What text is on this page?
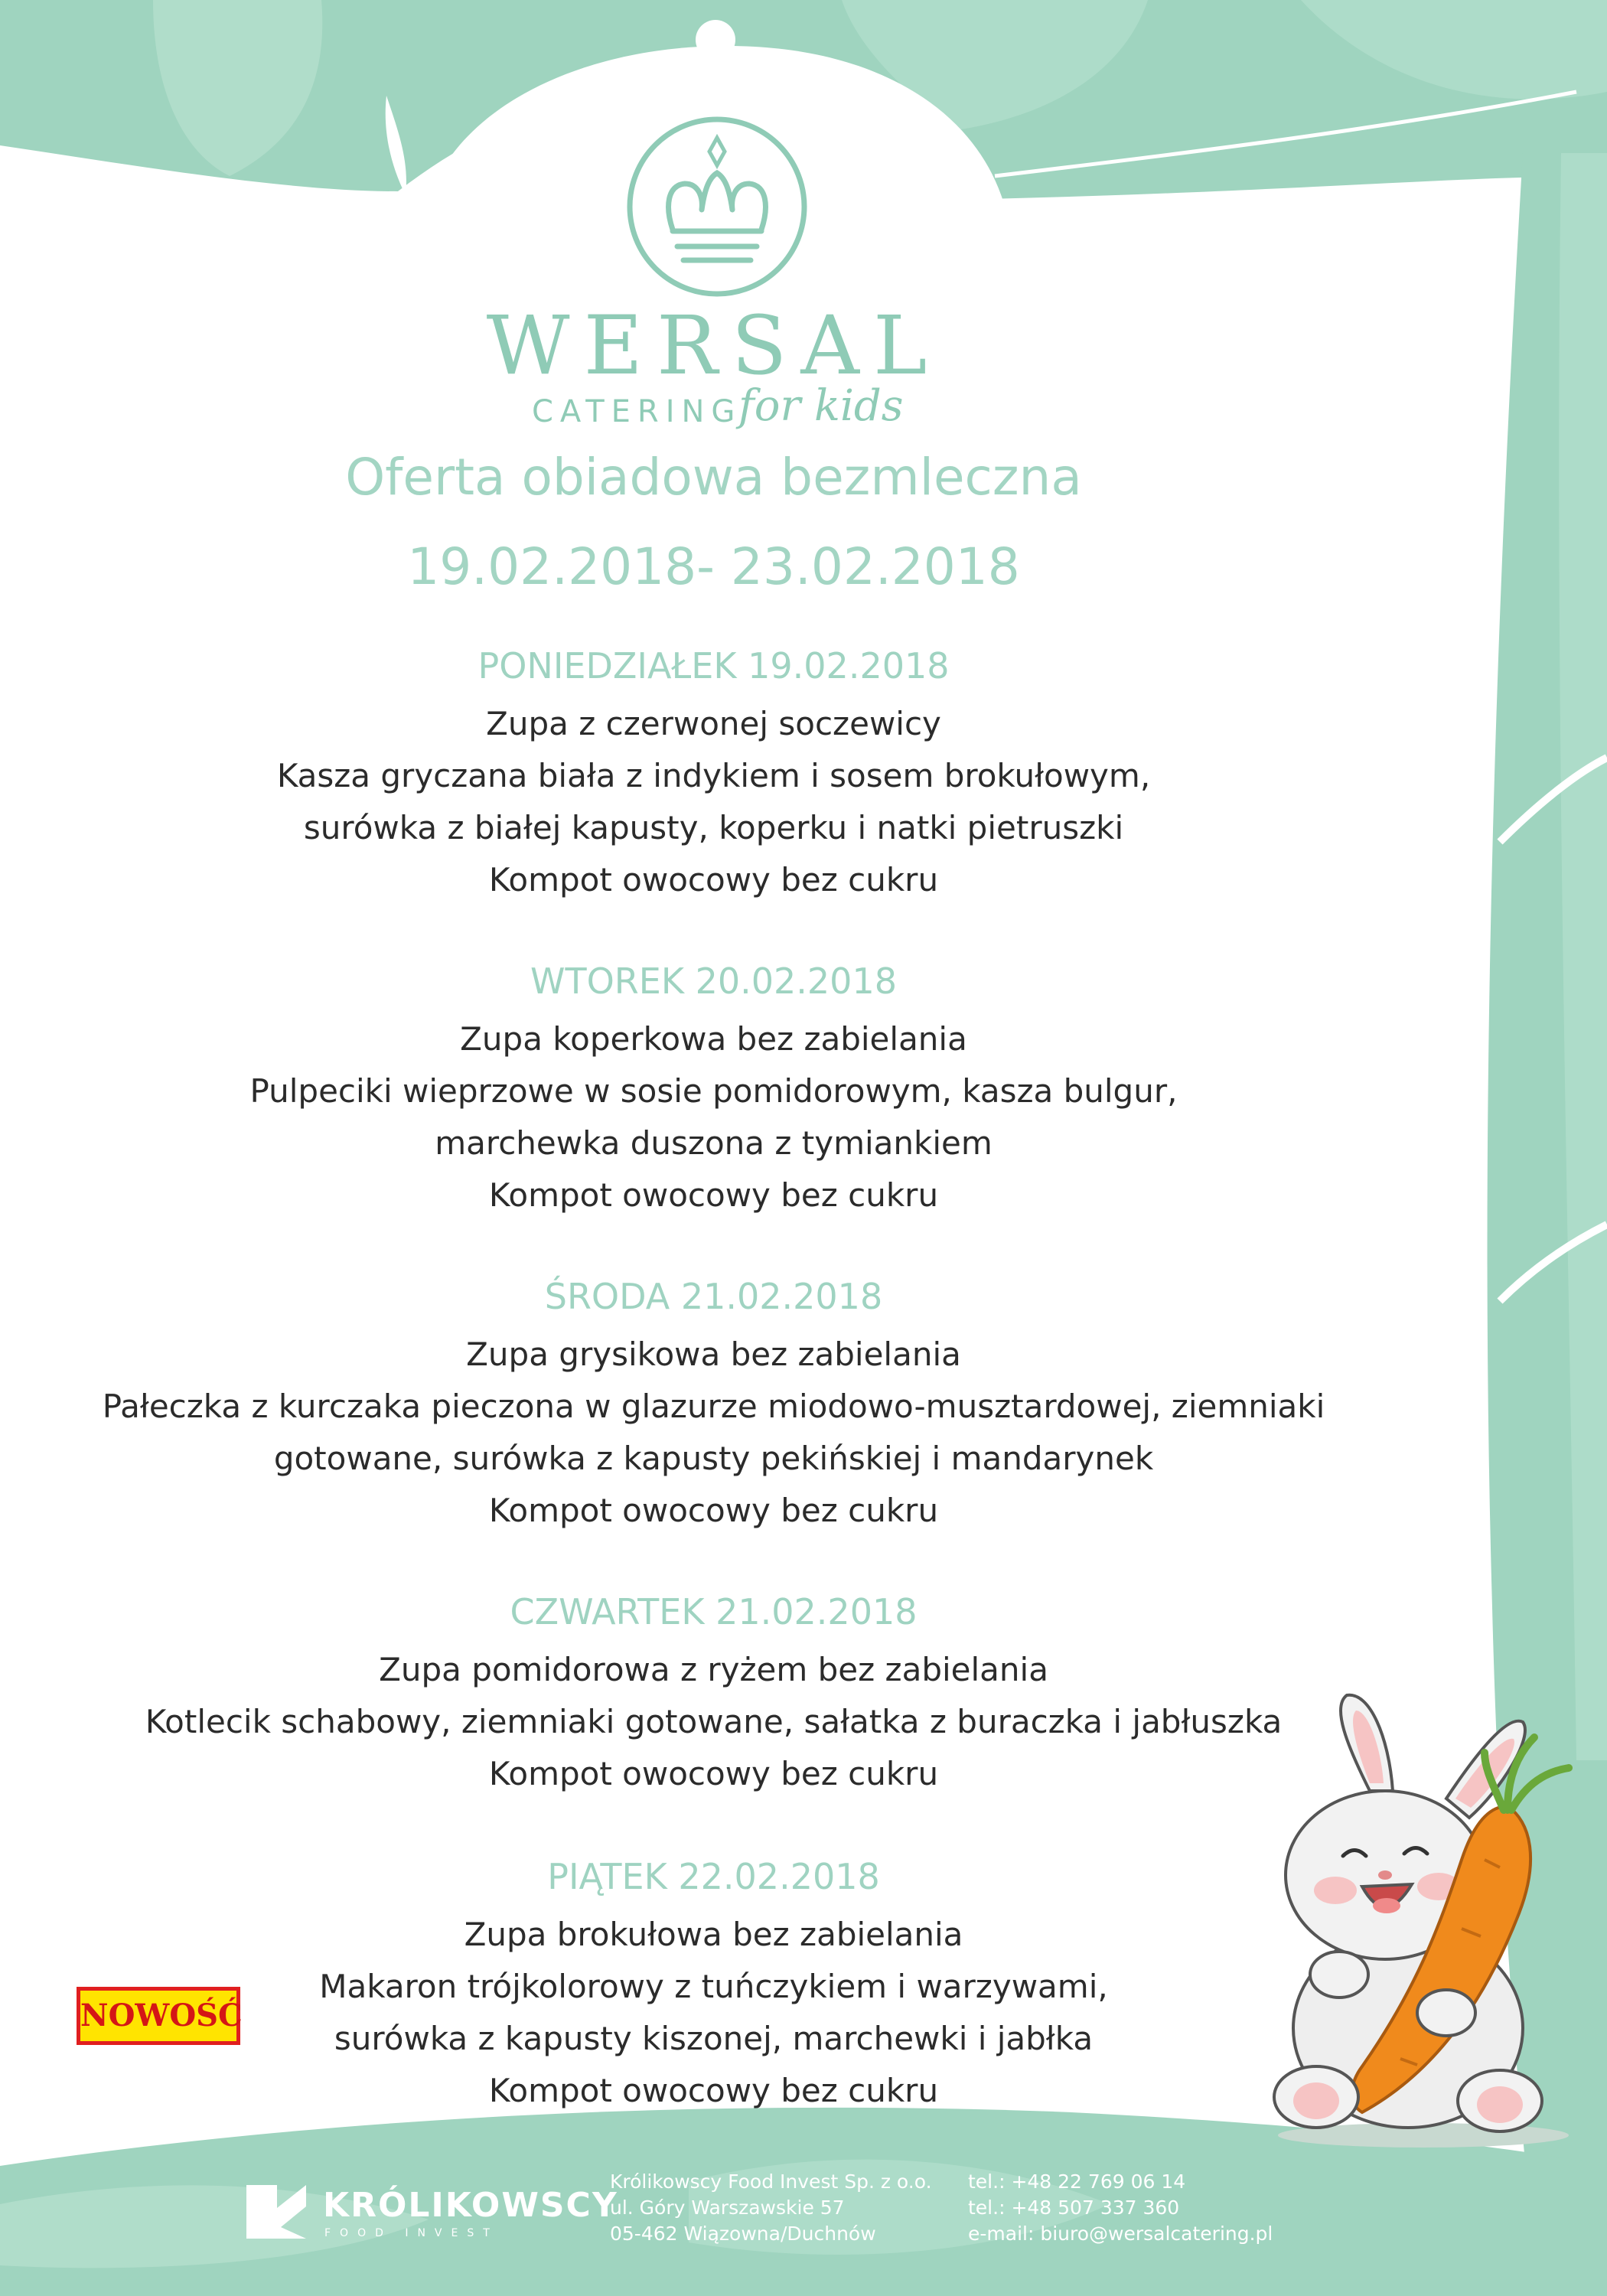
WERSAL
CATERING
for kids
Oferta obiadowa bezmleczna
19.02.2018- 23.02.2018
PONIEDZIAŁEK 19.02.2018
Zupa z czerwonej soczewicy
Kasza gryczana biała z indykiem i sosem brokułowym,
surówka z białej kapusty, koperku i natki pietruszki
Kompot owocowy bez cukru
WTOREK 20.02.2018
Zupa koperkowa bez zabielania
Pulpeciki wieprzowe w sosie pomidorowym, kasza bulgur,
marchewka duszona z tymiankiem
Kompot owocowy bez cukru
ŚRODA 21.02.2018
Zupa grysikowa bez zabielania
Pałeczka z kurczaka pieczona w glazurze miodowo-musztardowej, ziemniaki
gotowane, surówka z kapusty pekińskiej i mandarynek
Kompot owocowy bez cukru
CZWARTEK 21.02.2018
Zupa pomidorowa z ryżem bez zabielania
Kotlecik schabowy, ziemniaki gotowane, sałatka z buraczka i jabłuszka
Kompot owocowy bez cukru
PIĄTEK 22.02.2018
Zupa brokułowa bez zabielania
Makaron trójkolorowy z tuńczykiem i warzywami,
surówka z kapusty kiszonej, marchewki i jabłka
Kompot owocowy bez cukru
NOWOŚĆ
KRÓLIKOWSCY
FOOD INVEST
Królikowscy Food Invest Sp. z o.o.
ul. Góry Warszawskie 57
05-462 Wiązowna/Duchnów
tel.: +48 22 769 06 14
tel.: +48 507 337 360
e-mail: biuro@wersalcatering.pl
